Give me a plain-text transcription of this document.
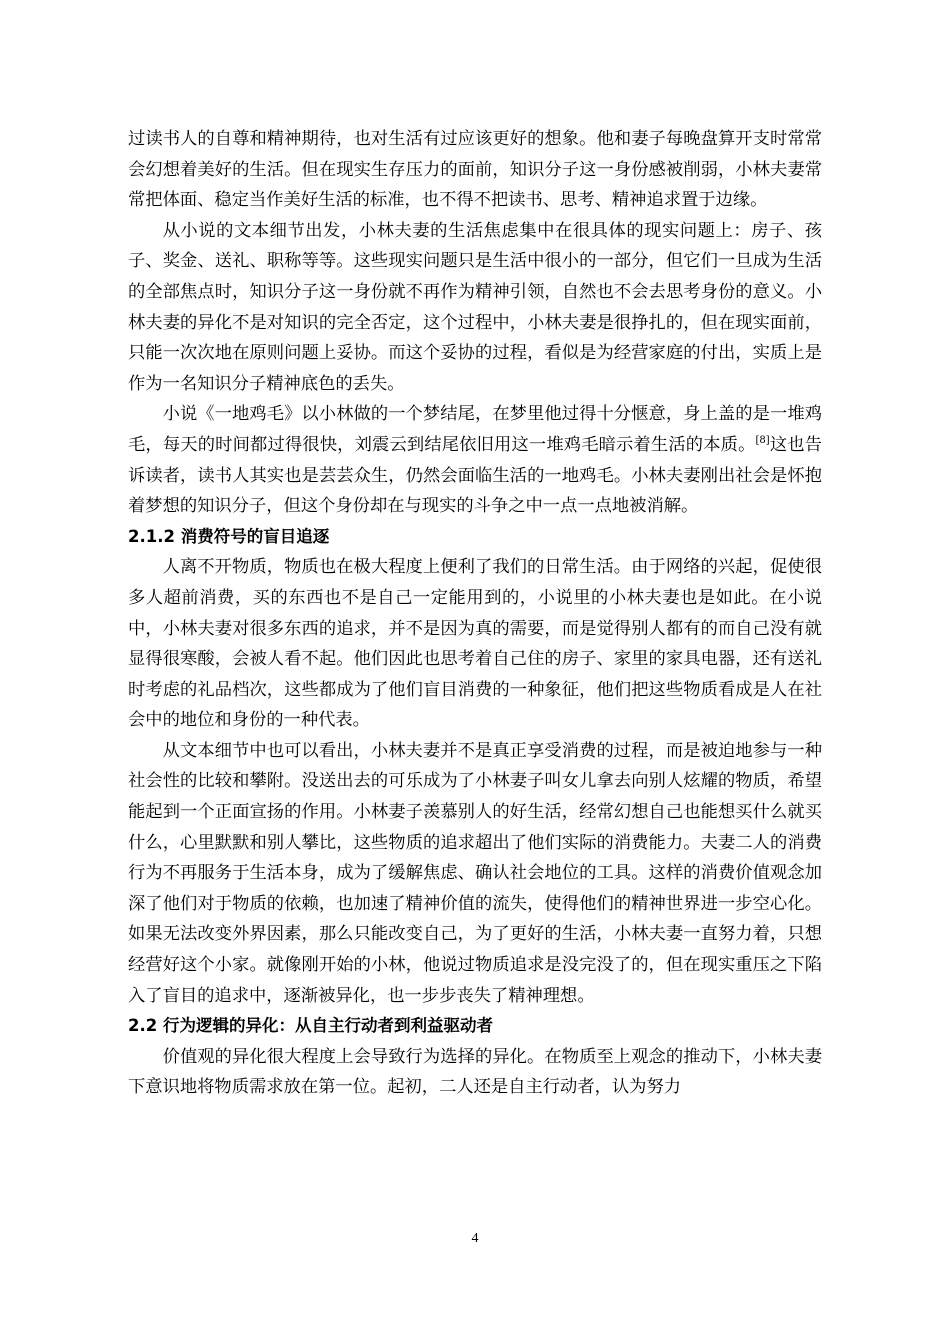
过读书人的自尊和精神期待，也对生活有过应该更好的想象。他和妻子每晚盘算开支时常常会幻想着美好的生活。但在现实生存压力的面前，知识分子这一身份感被削弱，小林夫妻常常把体面、稳定当作美好生活的标准，也不得不把读书、思考、精神追求置于边缘。

从小说的文本细节出发，小林夫妻的生活焦虑集中在很具体的现实问题上：房子、孩子、奖金、送礼、职称等等。这些现实问题只是生活中很小的一部分，但它们一旦成为生活的全部焦点时，知识分子这一身份就不再作为精神引领，自然也不会去思考身份的意义。小林夫妻的异化不是对知识的完全否定，这个过程中，小林夫妻是很挣扎的，但在现实面前，只能一次次地在原则问题上妥协。而这个妥协的过程，看似是为经营家庭的付出，实质上是作为一名知识分子精神底色的丢失。

小说《一地鸡毛》以小林做的一个梦结尾，在梦里他过得十分惬意，身上盖的是一堆鸡毛，每天的时间都过得很快，刘震云到结尾依旧用这一堆鸡毛暗示着生活的本质。[8]这也告诉读者，读书人其实也是芸芸众生，仍然会面临生活的一地鸡毛。小林夫妻刚出社会是怀抱着梦想的知识分子，但这个身份却在与现实的斗争之中一点一点地被消解。

2.1.2 消费符号的盲目追逐

人离不开物质，物质也在极大程度上便利了我们的日常生活。由于网络的兴起，促使很多人超前消费，买的东西也不是自己一定能用到的，小说里的小林夫妻也是如此。在小说中，小林夫妻对很多东西的追求，并不是因为真的需要，而是觉得别人都有的而自己没有就显得很寒酸，会被人看不起。他们因此也思考着自己住的房子、家里的家具电器，还有送礼时考虑的礼品档次，这些都成为了他们盲目消费的一种象征，他们把这些物质看成是人在社会中的地位和身份的一种代表。

从文本细节中也可以看出，小林夫妻并不是真正享受消费的过程，而是被迫地参与一种社会性的比较和攀附。没送出去的可乐成为了小林妻子叫女儿拿去向别人炫耀的物质，希望能起到一个正面宣扬的作用。小林妻子羡慕别人的好生活，经常幻想自己也能想买什么就买什么，心里默默和别人攀比，这些物质的追求超出了他们实际的消费能力。夫妻二人的消费行为不再服务于生活本身，成为了缓解焦虑、确认社会地位的工具。这样的消费价值观念加深了他们对于物质的依赖，也加速了精神价值的流失，使得他们的精神世界进一步空心化。如果无法改变外界因素，那么只能改变自己，为了更好的生活，小林夫妻一直努力着，只想经营好这个小家。就像刚开始的小林，他说过物质追求是没完没了的，但在现实重压之下陷入了盲目的追求中，逐渐被异化，也一步步丧失了精神理想。

2.2 行为逻辑的异化：从自主行动者到利益驱动者

价值观的异化很大程度上会导致行为选择的异化。在物质至上观念的推动下，小林夫妻下意识地将物质需求放在第一位。起初，二人还是自主行动者，认为努力

4
